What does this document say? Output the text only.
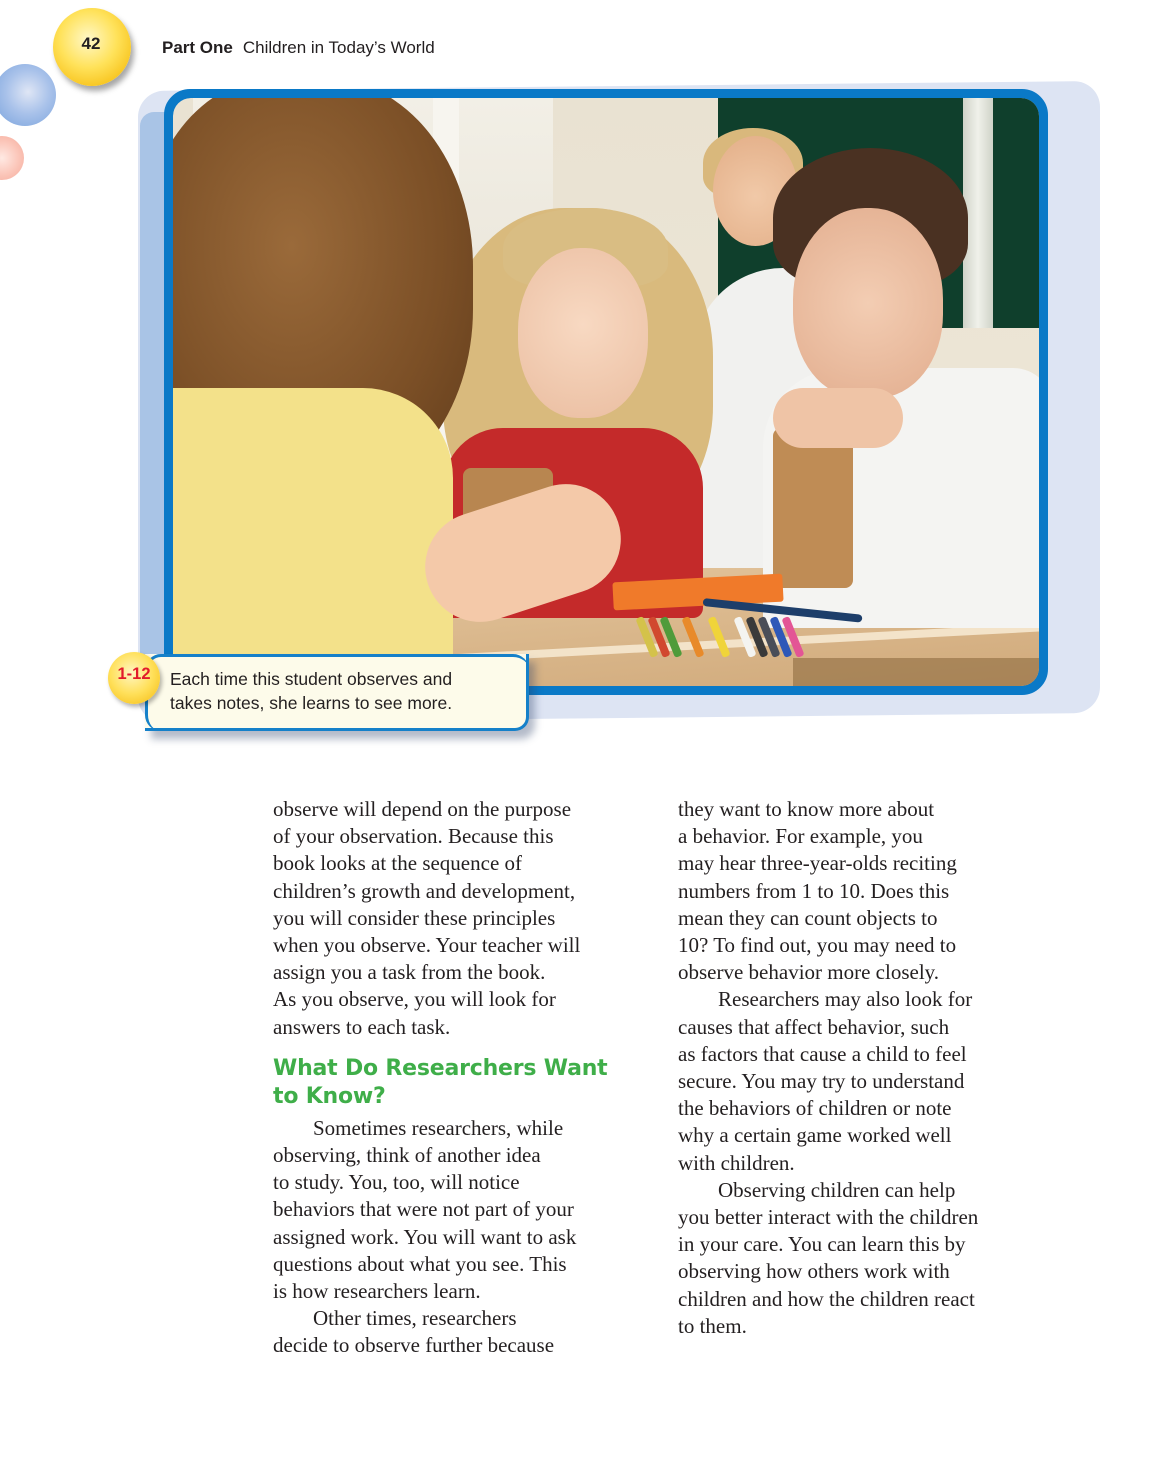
42	Part One Children in Today’s World
Each time this student observes and
takes notes, she learns to see more.
1-12

observe will depend on the purpose
of your observation. Because this
book looks at the sequence of
children’s growth and development,
you will consider these principles
when you observe. Your teacher will
assign you a task from the book.
As you observe, you will look for
answers to each task.

What Do Researchers Want
to Know?

Sometimes researchers, while
observing, think of another idea
to study. You, too, will notice
behaviors that were not part of your
assigned work. You will want to ask
questions about what you see. This
is how researchers learn.

Other times, researchers
decide to observe further because

they want to know more about
a behavior. For example, you
may hear three-year-olds reciting
numbers from 1 to 10. Does this
mean they can count objects to
10? To find out, you may need to
observe behavior more closely.

Researchers may also look for
causes that affect behavior, such
as factors that cause a child to feel
secure. You may try to understand
the behaviors of children or note
why a certain game worked well
with children.

Observing children can help
you better interact with the children
in your care. You can learn this by
observing how others work with
children and how the children react
to them.
